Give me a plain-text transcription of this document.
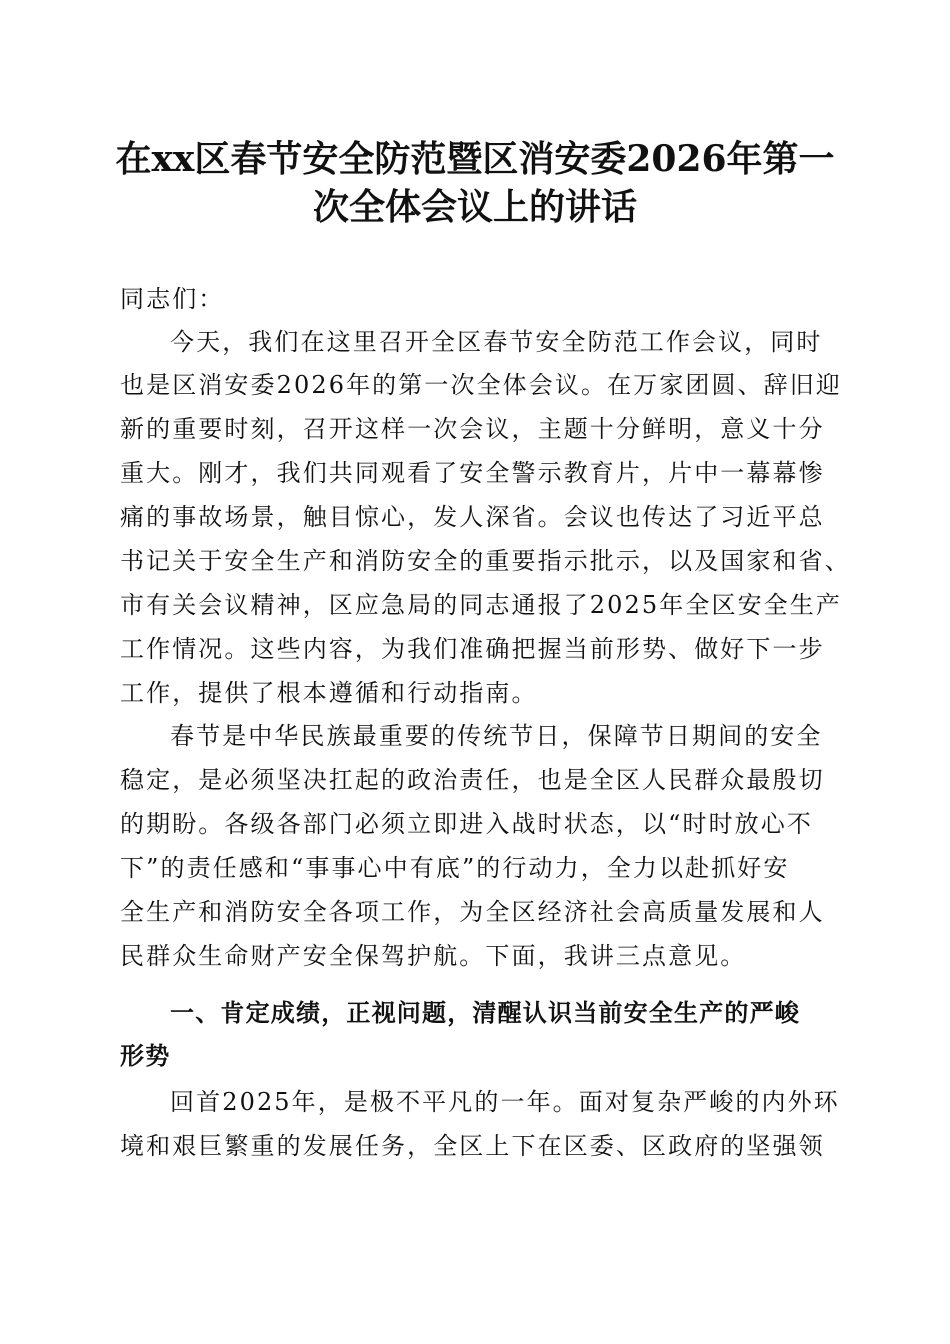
在xx区春节安全防范暨区消安委2026年第一
次全体会议上的讲话
同志们：
今天，我们在这里召开全区春节安全防范工作会议，同时
也是区消安委2026年的第一次全体会议。在万家团圆、辞旧迎
新的重要时刻，召开这样一次会议，主题十分鲜明，意义十分
重大。刚才，我们共同观看了安全警示教育片，片中一幕幕惨
痛的事故场景，触目惊心，发人深省。会议也传达了习近平总
书记关于安全生产和消防安全的重要指示批示，以及国家和省、
市有关会议精神，区应急局的同志通报了2025年全区安全生产
工作情况。这些内容，为我们准确把握当前形势、做好下一步
工作，提供了根本遵循和行动指南。
春节是中华民族最重要的传统节日，保障节日期间的安全
稳定，是必须坚决扛起的政治责任，也是全区人民群众最殷切
的期盼。各级各部门必须立即进入战时状态，以“时时放心不
下”的责任感和“事事心中有底”的行动力，全力以赴抓好安
全生产和消防安全各项工作，为全区经济社会高质量发展和人
民群众生命财产安全保驾护航。下面，我讲三点意见。
一、肯定成绩，正视问题，清醒认识当前安全生产的严峻
形势
回首2025年，是极不平凡的一年。面对复杂严峻的内外环
境和艰巨繁重的发展任务，全区上下在区委、区政府的坚强领
